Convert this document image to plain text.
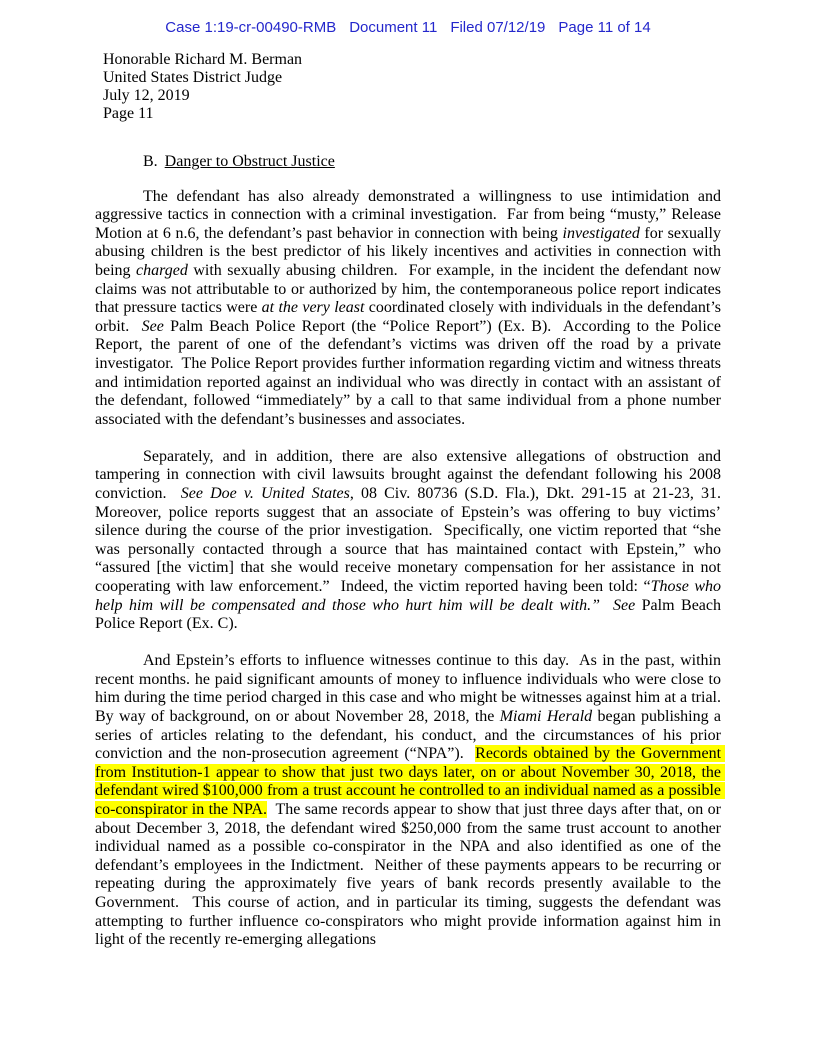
Case 1:19-cr-00490-RMB Document 11 Filed 07/12/19 Page 11 of 14
Honorable Richard M. Berman
United States District Judge
July 12, 2019
Page 11
B. Danger to Obstruct Justice

The defendant has also already demonstrated a willingness to use intimidation and aggressive tactics in connection with a criminal investigation.  Far from being “musty,” Release Motion at 6 n.6, the defendant’s past behavior in connection with being investigated for sexually abusing children is the best predictor of his likely incentives and activities in connection with being charged with sexually abusing children.  For example, in the incident the defendant now claims was not attributable to or authorized by him, the contemporaneous police report indicates that pressure tactics were at the very least coordinated closely with individuals in the defendant’s orbit.  See Palm Beach Police Report (the “Police Report”) (Ex. B).  According to the Police Report, the parent of one of the defendant’s victims was driven off the road by a private investigator.  The Police Report provides further information regarding victim and witness threats and intimidation reported against an individual who was directly in contact with an assistant of the defendant, followed “immediately” by a call to that same individual from a phone number associated with the defendant’s businesses and associates.

Separately, and in addition, there are also extensive allegations of obstruction and tampering in connection with civil lawsuits brought against the defendant following his 2008 conviction.  See Doe v. United States, 08 Civ. 80736 (S.D. Fla.), Dkt. 291-15 at 21-23, 31.  Moreover, police reports suggest that an associate of Epstein’s was offering to buy victims’ silence during the course of the prior investigation.  Specifically, one victim reported that “she was personally contacted through a source that has maintained contact with Epstein,” who “assured [the victim] that she would receive monetary compensation for her assistance in not cooperating with law enforcement.”  Indeed, the victim reported having been told: “Those who help him will be compensated and those who hurt him will be dealt with.” See Palm Beach Police Report (Ex. C).

And Epstein’s efforts to influence witnesses continue to this day.  As in the past, within recent months. he paid significant amounts of money to influence individuals who were close to him during the time period charged in this case and who might be witnesses against him at a trial.  By way of background, on or about November 28, 2018, the Miami Herald began publishing a series of articles relating to the defendant, his conduct, and the circumstances of his prior conviction and the non-prosecution agreement (“NPA”).  Records obtained by the Government from Institution-1 appear to show that just two days later, on or about November 30, 2018, the defendant wired $100,000 from a trust account he controlled to an individual named as a possible co-conspirator in the NPA.  The same records appear to show that just three days after that, on or about December 3, 2018, the defendant wired $250,000 from the same trust account to another individual named as a possible co-conspirator in the NPA and also identified as one of the defendant’s employees in the Indictment.  Neither of these payments appears to be recurring or repeating during the approximately five years of bank records presently available to the Government.  This course of action, and in particular its timing, suggests the defendant was attempting to further influence co-conspirators who might provide information against him in light of the recently re-emerging allegations
